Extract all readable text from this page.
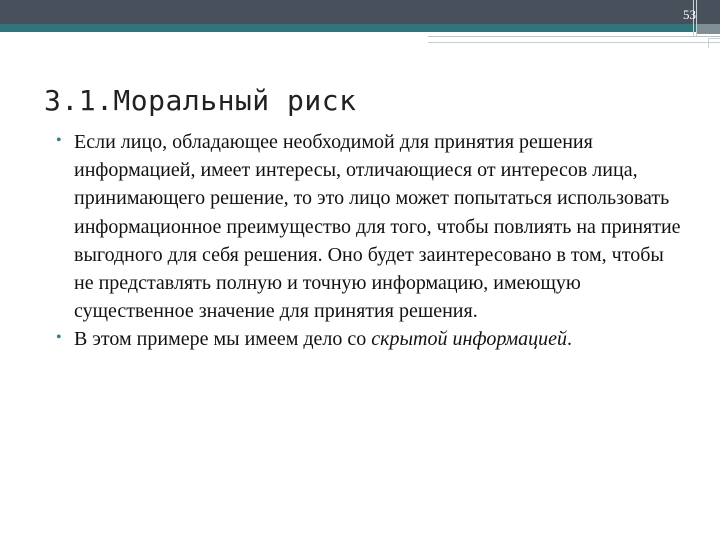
53
3.1.Моральный риск
• Если лицо, обладающее необходимой для принятия решения информацией, имеет интересы, отличающиеся от интересов лица, принимающего решение, то это лицо может попытаться использовать информационное преимущество для того, чтобы повлиять на принятие выгодного для себя решения. Оно будет заинтересовано в том, чтобы не представлять полную и точную информацию, имеющую существенное значение для принятия решения.
• В этом примере мы имеем дело со скрытой информацией.
